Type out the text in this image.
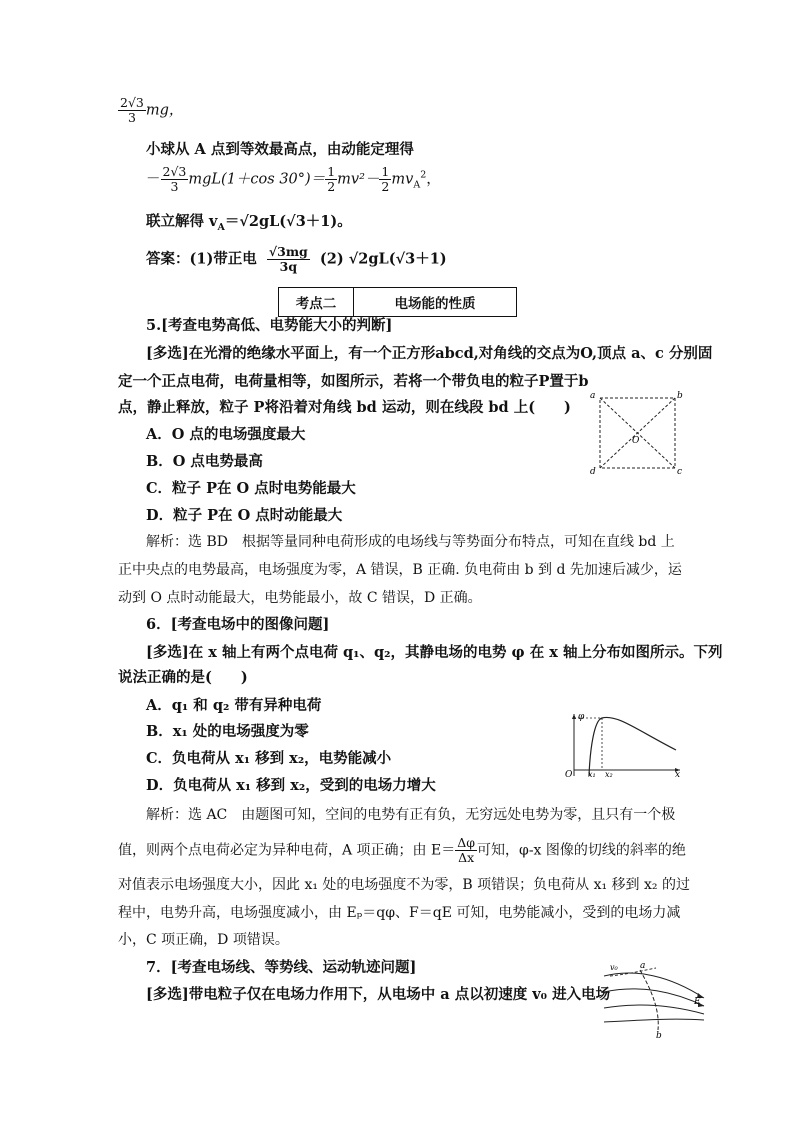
$\frac{2√3}{3}$ mg，
小球从 A 点到等效最高点，由动能定理得
－ $\frac{2√3}{3} mgL(1+\cos$ $30^\circ)= \frac{1}{2} mv^2- \frac{1}{2} mv_A^2$，
联立解得 $v_A=√2gL(√3+1)$。
答案：(1)带正电 $\frac{√3mg}{3q} (2)$ √2gL(√3＋1)
考点二	电场能的性质
5.[考查电势高低、电势能大小的判断]
[多选]在光滑的绝缘水平面上，有一个正方形abcd,对角线的交点为O,顶点 a、c 分别固
定一个正点电荷，电荷量相等，如图所示，若将一个带负电的粒子P置于b
点，静止释放，粒子 P将沿着对角线 bd 运动，则在线段 bd 上(　　)
A．O 点的电场强度最大
B．O 点电势最高
C．粒子 P在 O 点时电势能最大
D．粒子 P在 O 点时动能最大
解析：选 BD　根据等量同种电荷形成的电场线与等势面分布特点，可知在直线 bd 上
正中央点的电势最高，电场强度为零，A 错误，B 正确. 负电荷由 b 到 d 先加速后减少，运
动到 O 点时动能最大，电势能最小，故 C 错误，D 正确。
a	b
c
d
O
6．[考查电场中的图像问题]
[多选]在 x 轴上有两个点电荷 q₁、q₂，其静电场的电势 φ 在 x 轴上分布如图所示。下列
说法正确的是(　　)
A．q₁ 和 q₂ 带有异种电荷
B．x₁ 处的电场强度为零
C．负电荷从 x₁ 移到 x₂，电势能减小
D．负电荷从 x₁ 移到 x₂，受到的电场力增大
解析：选 AC　由题图可知，空间的电势有正有负，无穷远处电势为零，且只有一个极
值，则两个点电荷必定为异种电荷，A 项正确；由 $E= \frac{\Delta\varphi}{\Delta x}$ 可知，φ-x 图像的切线的斜率的绝
对值表示电场强度大小，因此 x₁ 处的电场强度不为零，B 项错误；负电荷从 x₁ 移到 x₂ 的过
程中，电势升高，电场强度减小，由 Eₚ＝qφ、F＝qE 可知，电势能减小，受到的电场力减
小，C 项正确，D 项错误。
φ
O x₁ x₂	x
7．[考查电场线、等势线、运动轨迹问题]
[多选]带电粒子仅在电场力作用下，从电场中 a 点以初速度 v₀ 进入电场
v₀ a
E
b
